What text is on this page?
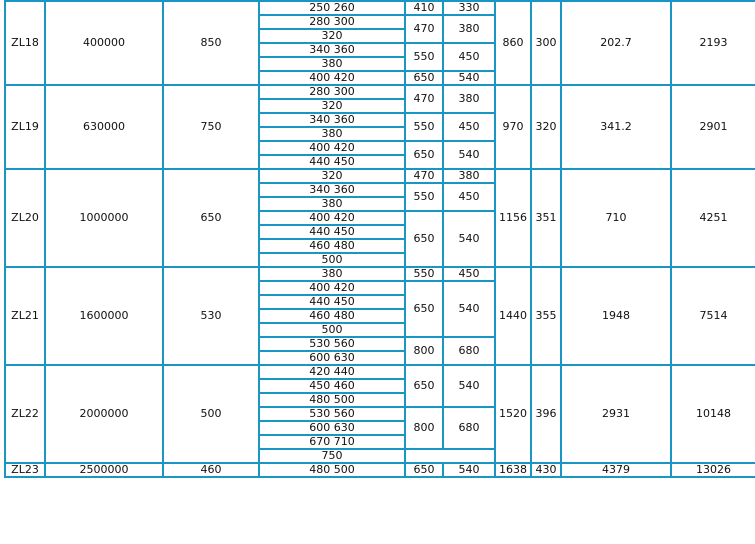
ZL18	400000	850	250 260	410	330	860	300	202.7	2193	
			280 300	470	380					
			320							
			340 360	550	450					
			380							
			400 420	650	540					
ZL19	630000	750	280 300	470	380	970	320	341.2	2901	
			320							
			340 360	550	450					
			380							
			400 420	650	540					
			440 450							
ZL20	1000000	650	320	470	380	1156	351	710	4251	
			340 360	550	450					
			380							
			400 420	650	540					
			440 450							
			460 480							
			500							
ZL21	1600000	530	380	550	450	1440	355	1948	7514	
			400 420	650	540					
			440 450							
			460 480							
			500							
			530 560	800	680					
			600 630							
ZL22	2000000	500	420 440	650	540	1520	396	2931	10148	
			450 460							
			480 500							
			530 560	800	680					
			600 630							
			670 710		
			750							
ZL23	2500000	460	480 500	650	540	1638	430	4379	13026	
